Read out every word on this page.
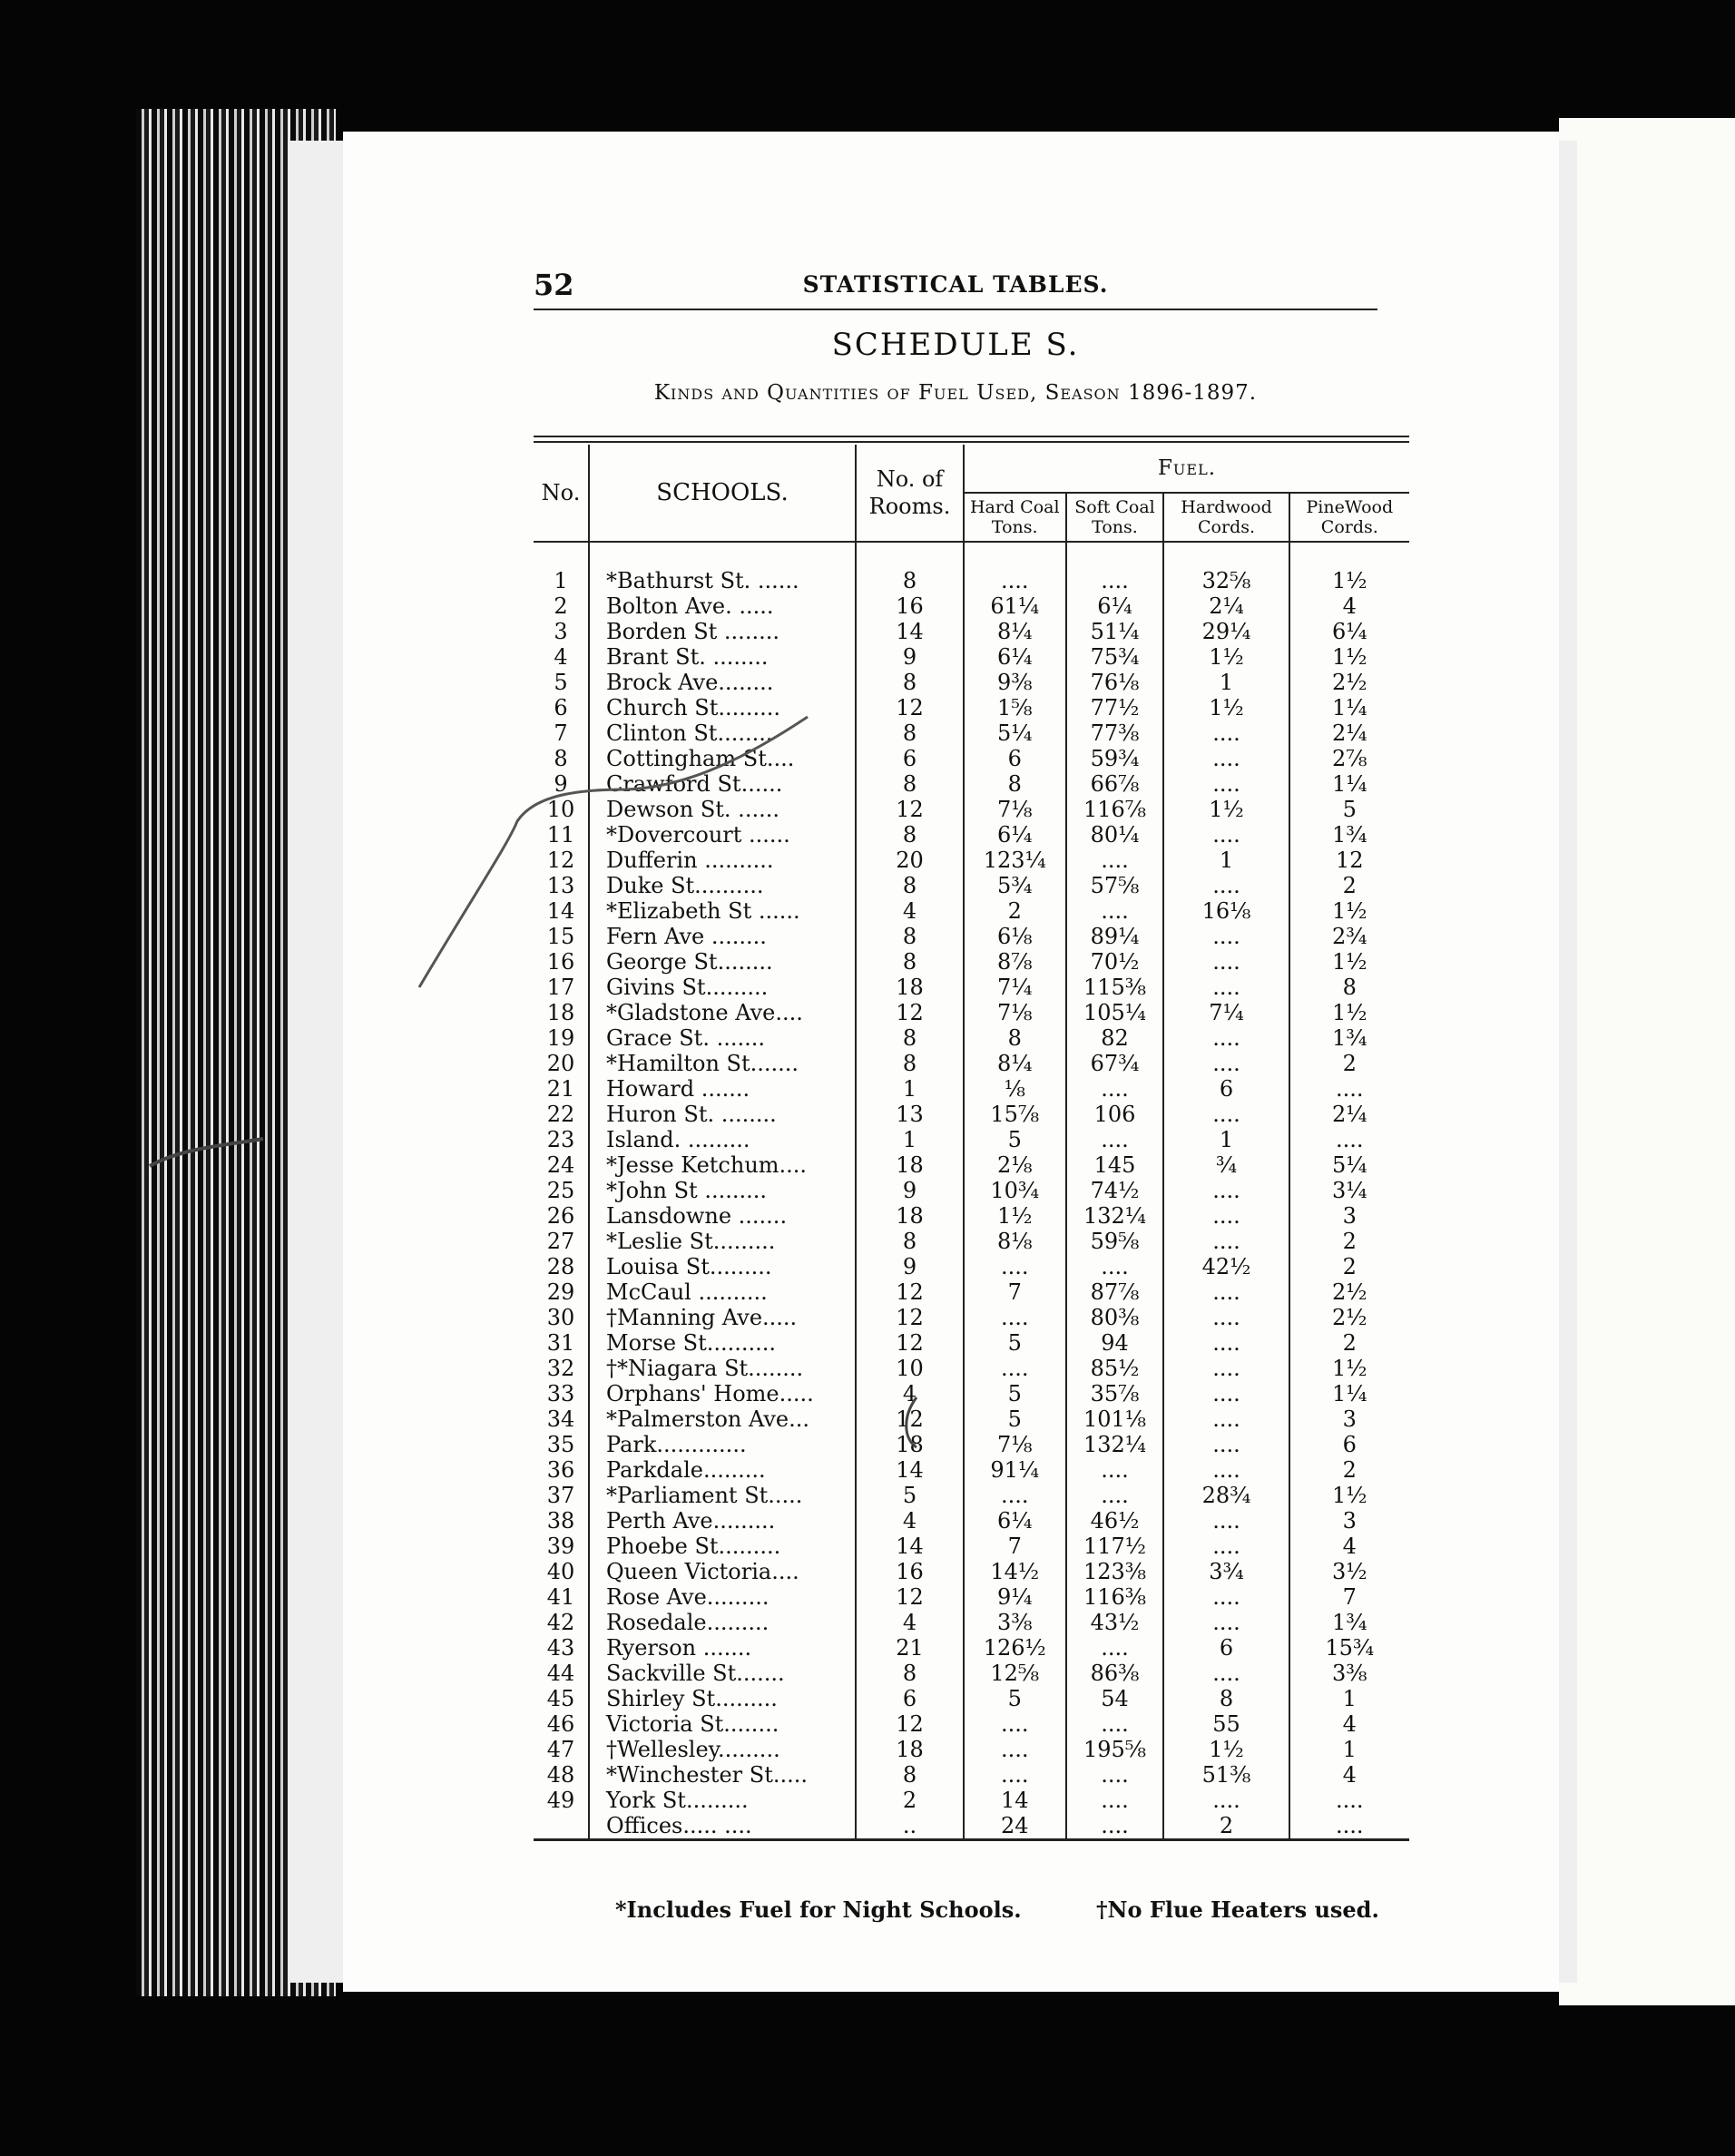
52	STATISTICAL TABLES.
SCHEDULE S.
Kinds and Quantities of Fuel Used, Season 1896-1897.
No.	SCHOOLS.	No. of Rooms.	Fuel.			
			Hard Coal Tons.	Soft Coal Tons.	Hardwood Cords.	PineWood Cords.

1	*Bathurst St. ......	8	....	....	32⅝	1½
2	Bolton Ave. .....	16	61¼	6¼	2¼	4
3	Borden St ........	14	8¼	51¼	29¼	6¼
4	Brant St. ........	9	6¼	75¾	1½	1½
5	Brock Ave........	8	9⅜	76⅛	1	2½
6	Church St.........	12	1⅝	77½	1½	1¼
7	Clinton St........	8	5¼	77⅜	....	2¼
8	Cottingham St....	6	6	59¾	....	2⅞
9	Crawford St......	8	8	66⅞	....	1¼
10	Dewson St. ......	12	7⅛	116⅞	1½	5
11	*Dovercourt ......	8	6¼	80¼	....	1¾
12	Dufferin ..........	20	123¼	....	1	12
13	Duke St..........	8	5¾	57⅝	....	2
14	*Elizabeth St ......	4	2	....	16⅛	1½
15	Fern Ave ........	8	6⅛	89¼	....	2¾
16	George St........	8	8⅞	70½	....	1½
17	Givins St.........	18	7¼	115⅜	....	8
18	*Gladstone Ave....	12	7⅛	105¼	7¼	1½
19	Grace St. .......	8	8	82	....	1¾
20	*Hamilton St.......	8	8¼	67¾	....	2
21	Howard .......	1	⅛	....	6	....
22	Huron St. ........	13	15⅞	106	....	2¼
23	Island. .........	1	5	....	1	....
24	*Jesse Ketchum....	18	2⅛	145	¾	5¼
25	*John St .........	9	10¾	74½	....	3¼
26	Lansdowne .......	18	1½	132¼	....	3
27	*Leslie St.........	8	8⅛	59⅝	....	2
28	Louisa St.........	9	....	....	42½	2
29	McCaul ..........	12	7	87⅞	....	2½
30	†Manning Ave.....	12	....	80⅜	....	2½
31	Morse St..........	12	5	94	....	2
32	†*Niagara St........	10	....	85½	....	1½
33	Orphans' Home.....	4	5	35⅞	....	1¼
34	*Palmerston Ave...	12	5	101⅛	....	3
35	Park.............	18	7⅛	132¼	....	6
36	Parkdale.........	14	91¼	....	....	2
37	*Parliament St.....	5	....	....	28¾	1½
38	Perth Ave.........	4	6¼	46½	....	3
39	Phoebe St.........	14	7	117½	....	4
40	Queen Victoria....	16	14½	123⅜	3¾	3½
41	Rose Ave.........	12	9¼	116⅜	....	7
42	Rosedale.........	4	3⅜	43½	....	1¾
43	Ryerson .......	21	126½	....	6	15¾
44	Sackville St.......	8	12⅝	86⅜	....	3⅜
45	Shirley St.........	6	5	54	8	1
46	Victoria St........	12	....	....	55	4
47	†Wellesley.........	18	....	195⅝	1½	1
48	*Winchester St.....	8	....	....	51⅜	4
49	York St.........	2	14	....	....	....
	Offices..... ....	..	24	....	2	....
*Includes Fuel for Night Schools.	†No Flue Heaters used.
